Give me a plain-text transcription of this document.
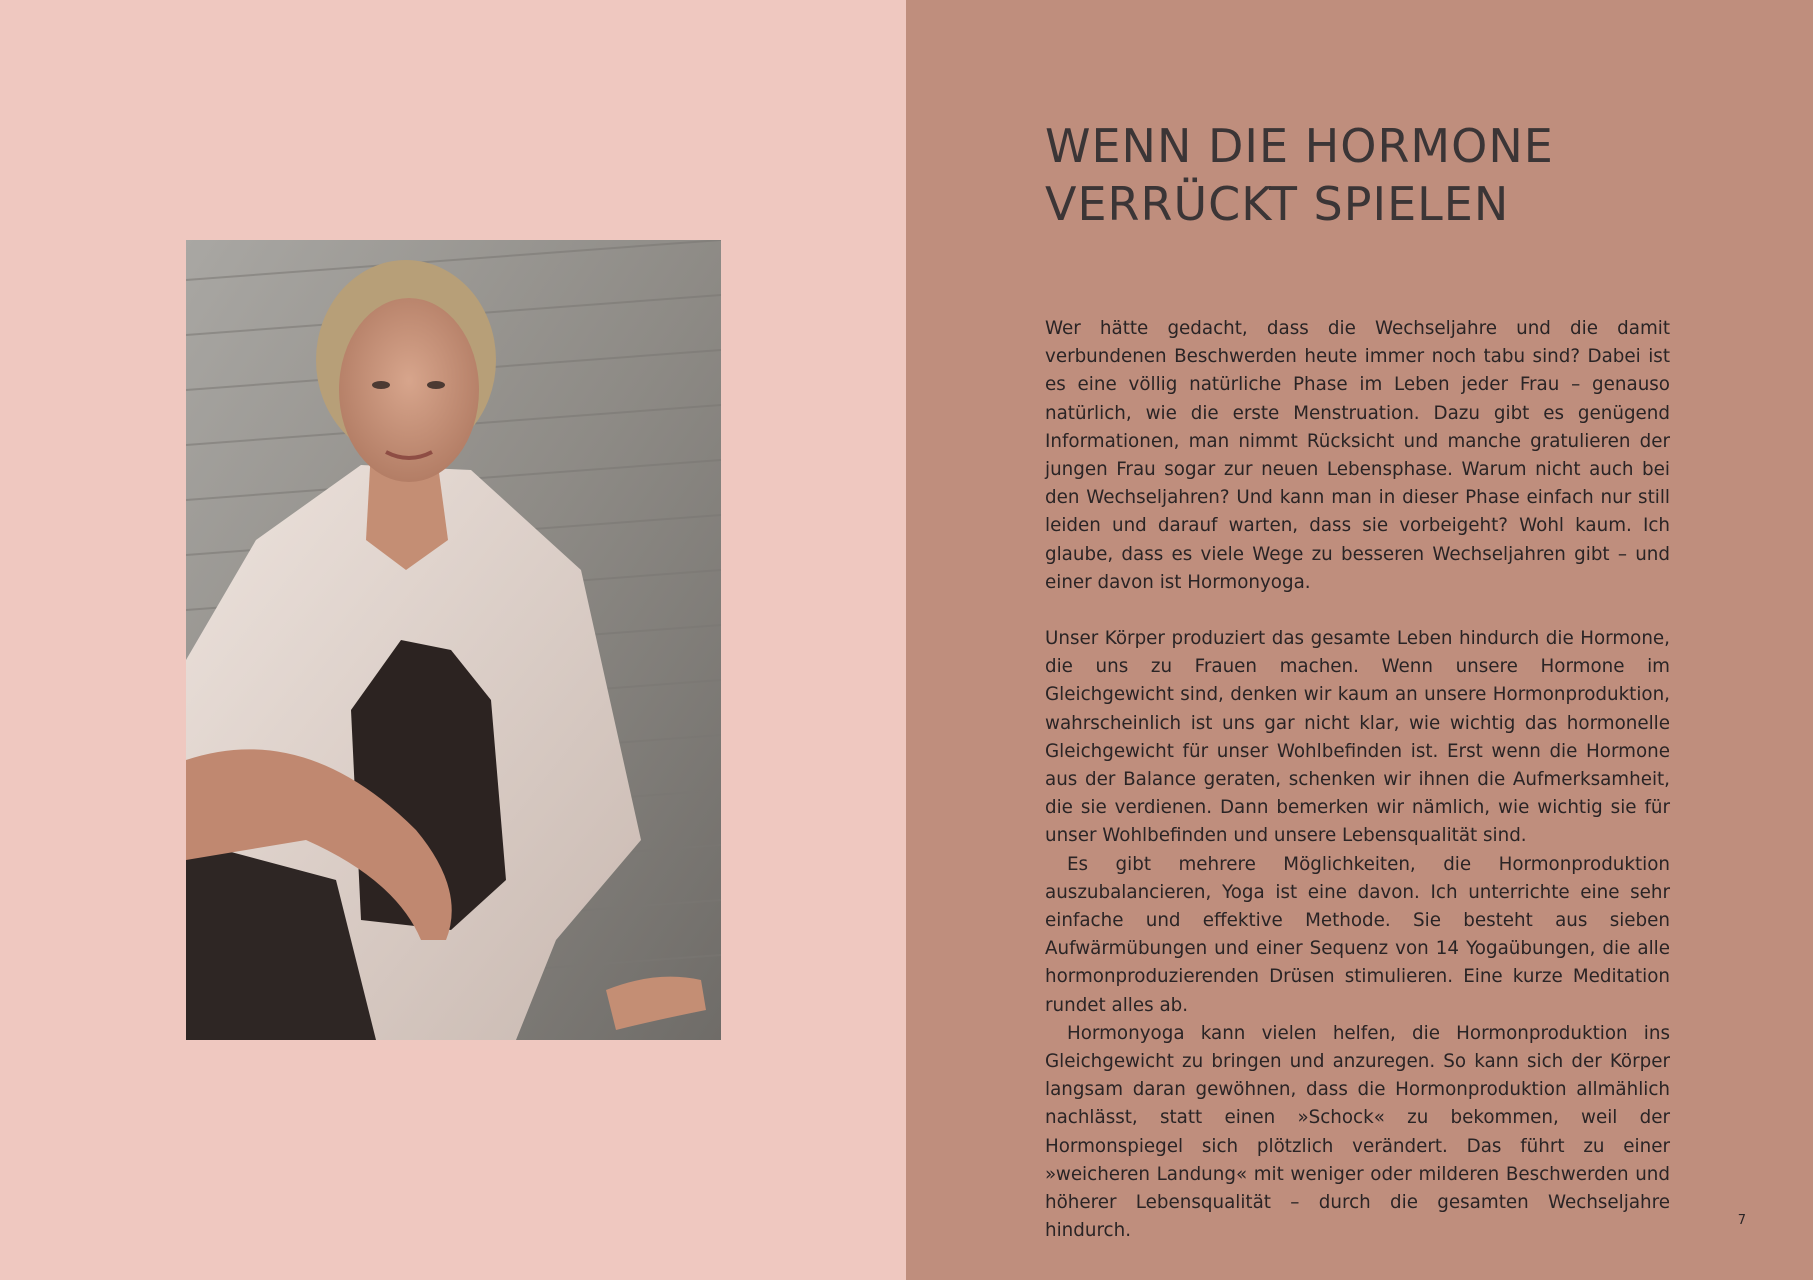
WENN DIE HORMONE
VERRÜCKT SPIELEN

Wer hätte gedacht, dass die Wechseljahre und die damit verbundenen Beschwerden heute immer noch tabu sind? Dabei ist es eine völlig natürliche Phase im Leben jeder Frau – genauso natürlich, wie die erste Menstruation. Dazu gibt es genügend Informationen, man nimmt Rücksicht und manche gratulieren der jungen Frau sogar zur neuen Lebensphase. Warum nicht auch bei den Wechseljahren? Und kann man in dieser Phase einfach nur still leiden und darauf warten, dass sie vorbeigeht? Wohl kaum. Ich glaube, dass es viele Wege zu besseren Wechseljahren gibt – und einer davon ist Hormonyoga.

Unser Körper produziert das gesamte Leben hindurch die Hormone, die uns zu Frauen machen. Wenn unsere Hormone im Gleichgewicht sind, denken wir kaum an unsere Hormonproduktion, wahrscheinlich ist uns gar nicht klar, wie wichtig das hormonelle Gleichgewicht für unser Wohlbefinden ist. Erst wenn die Hormone aus der Balance geraten, schenken wir ihnen die Aufmerksamheit, die sie verdienen. Dann bemerken wir nämlich, wie wichtig sie für unser Wohlbefinden und unsere Lebensqualität sind.

Es gibt mehrere Möglichkeiten, die Hormonproduktion auszubalancieren, Yoga ist eine davon. Ich unterrichte eine sehr einfache und effektive Methode. Sie besteht aus sieben Aufwärmübungen und einer Sequenz von 14 Yogaübungen, die alle hormonproduzierenden Drüsen stimulieren. Eine kurze Meditation rundet alles ab.

Hormonyoga kann vielen helfen, die Hormonproduktion ins Gleichgewicht zu bringen und anzuregen. So kann sich der Körper langsam daran gewöhnen, dass die Hormonproduktion allmählich nachlässt, statt einen »Schock« zu bekommen, weil der Hormonspiegel sich plötzlich verändert. Das führt zu einer »weicheren Landung« mit weniger oder milderen Beschwerden und höherer Lebensqualität – durch die gesamten Wechseljahre hindurch.	7
